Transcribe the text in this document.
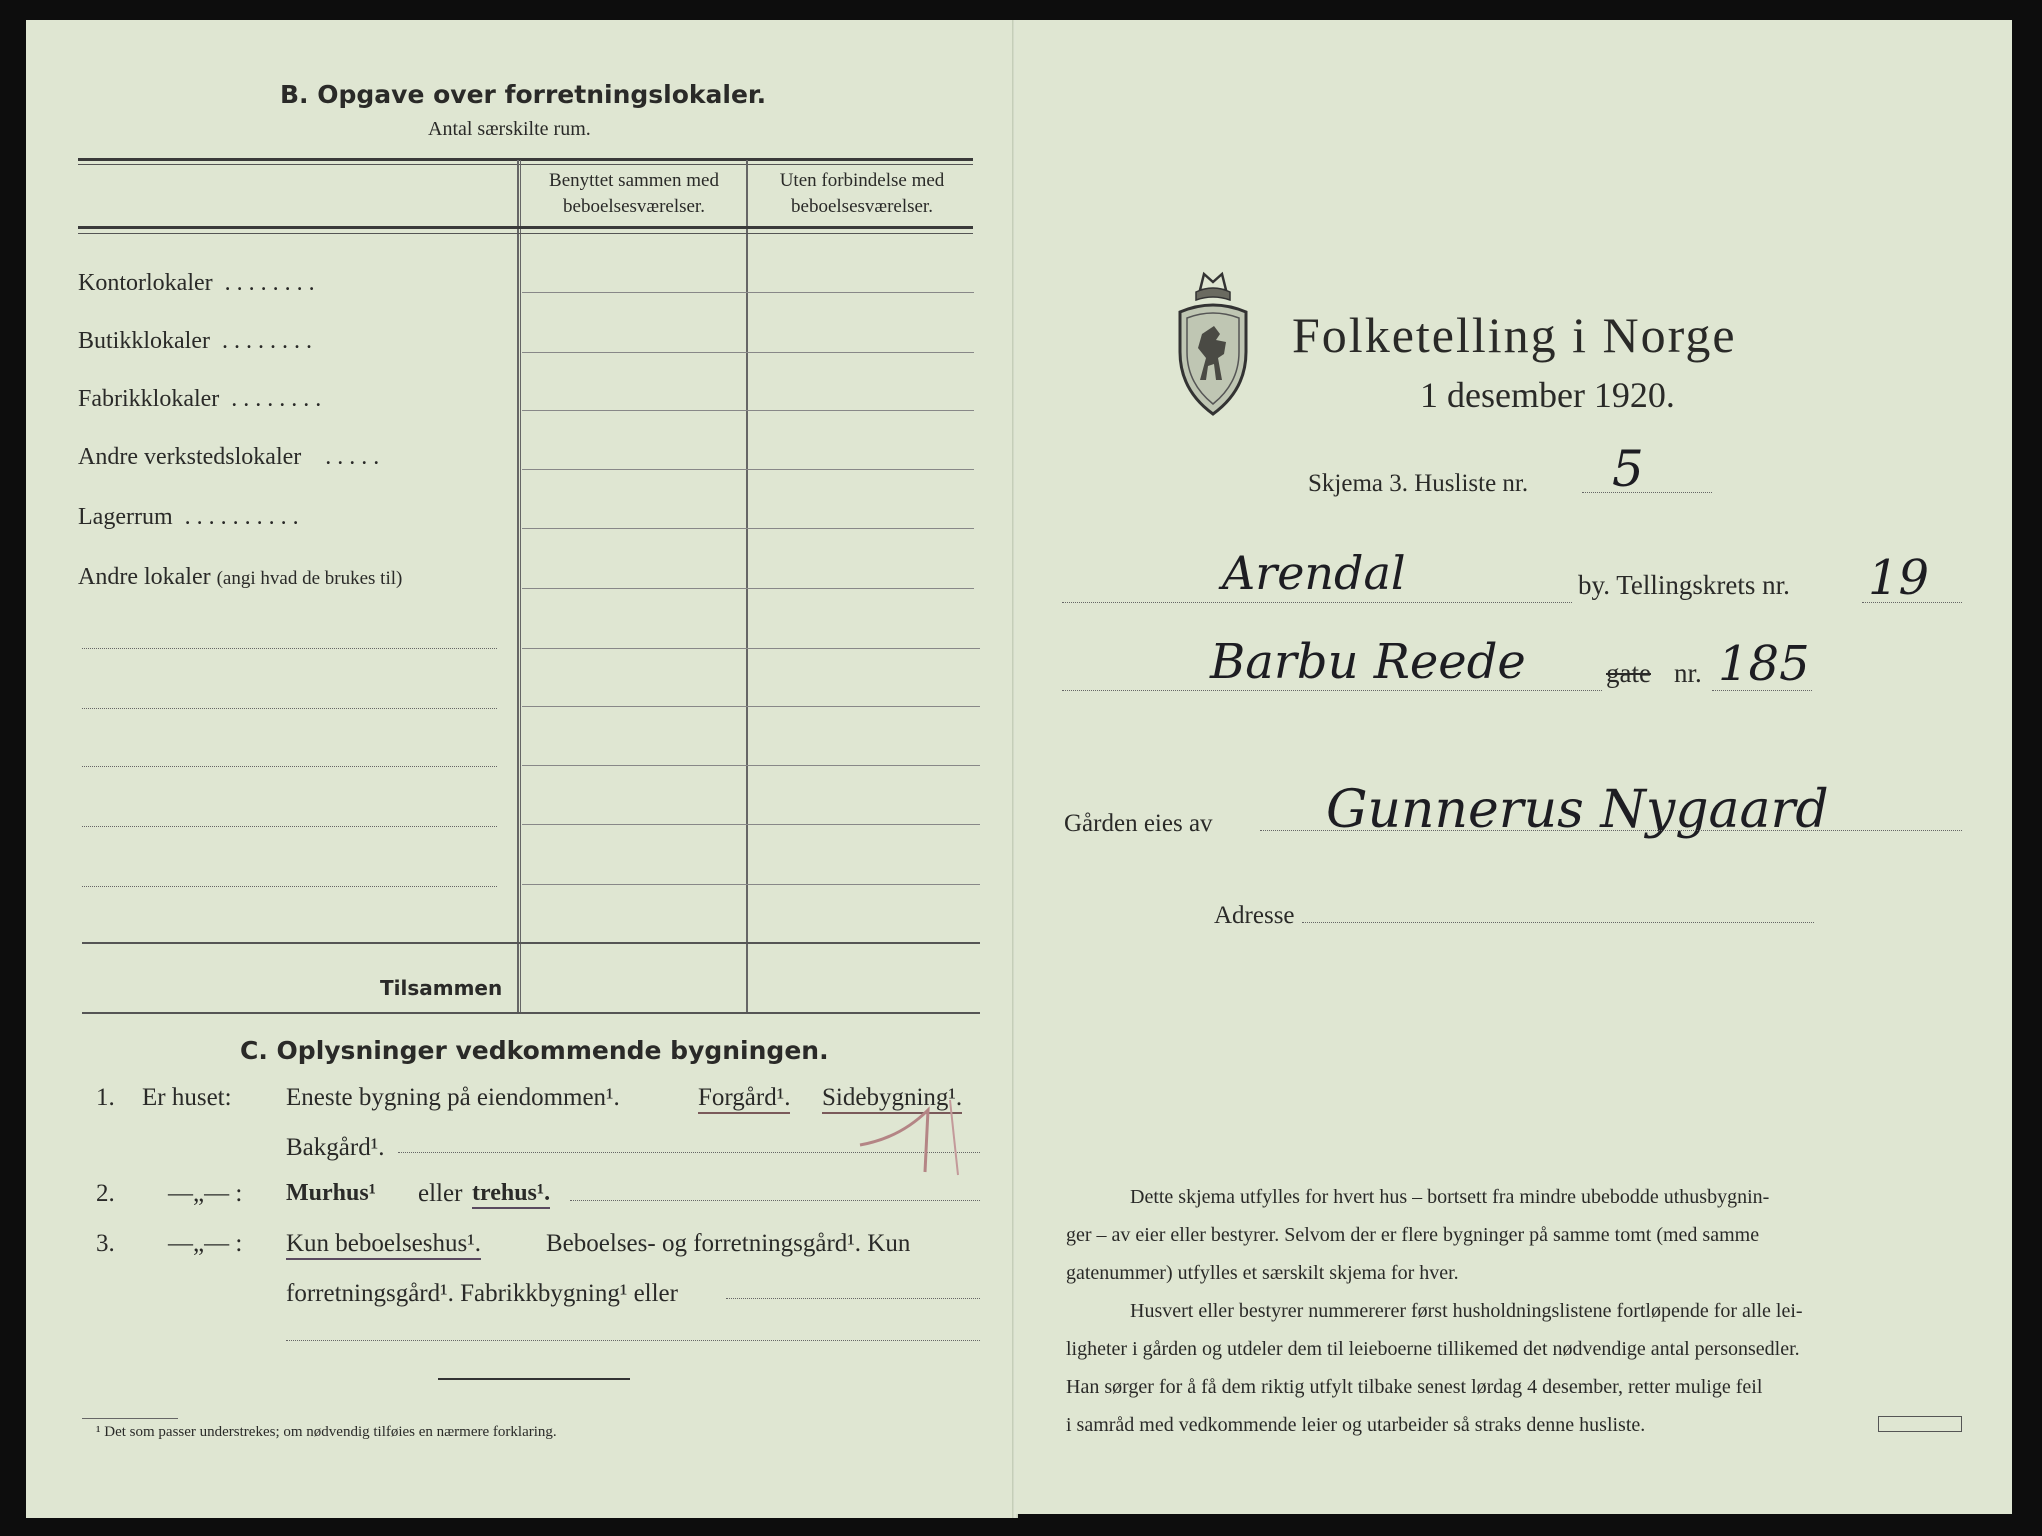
B. Opgave over forretningslokaler.
Antal særskilte rum.
Benyttet sammen med
beboelsesværelser.
Uten forbindelse med
beboelsesværelser.
Kontorlokaler . . . . . . . .
Butikklokaler . . . . . . . .
Fabrikklokaler . . . . . . . .
Andre verkstedslokaler . . . . .
Lagerrum . . . . . . . . . .
Andre lokaler (angi hvad de brukes til)
Tilsammen
C. Oplysninger vedkommende bygningen.
1. Er huset: Eneste bygning på eiendommen¹.	Forgård¹. Sidebygning¹.
Bakgård¹.
2. —„— : Murhus¹ eller trehus¹.
3. —„— : Kun beboelseshus¹.	Beboelses- og forretningsgård¹. Kun
forretningsgård¹. Fabrikkbygning¹ eller
¹ Det som passer understrekes; om nødvendig tilføies en nærmere forklaring.
Folketelling i Norge
1 desember 1920.
Skjema 3. Husliste nr. 5
Arendal	by. Tellingskrets nr. 19
Barbu Reede	gate nr. 185
Gården eies av Gunnerus Nygaard
Adresse
Dette skjema utfylles for hvert hus – bortsett fra mindre ubebodde uthusbygnin-
ger – av eier eller bestyrer. Selvom der er flere bygninger på samme tomt (med samme
gatenummer) utfylles et særskilt skjema for hver.
Husvert eller bestyrer nummererer først husholdningslistene fortløpende for alle lei-
ligheter i gården og utdeler dem til leieboerne tillikemed det nødvendige antal personsedler.
Han sørger for å få dem riktig utfylt tilbake senest lørdag 4 desember, retter mulige feil
i samråd med vedkommende leier og utarbeider så straks denne husliste.
